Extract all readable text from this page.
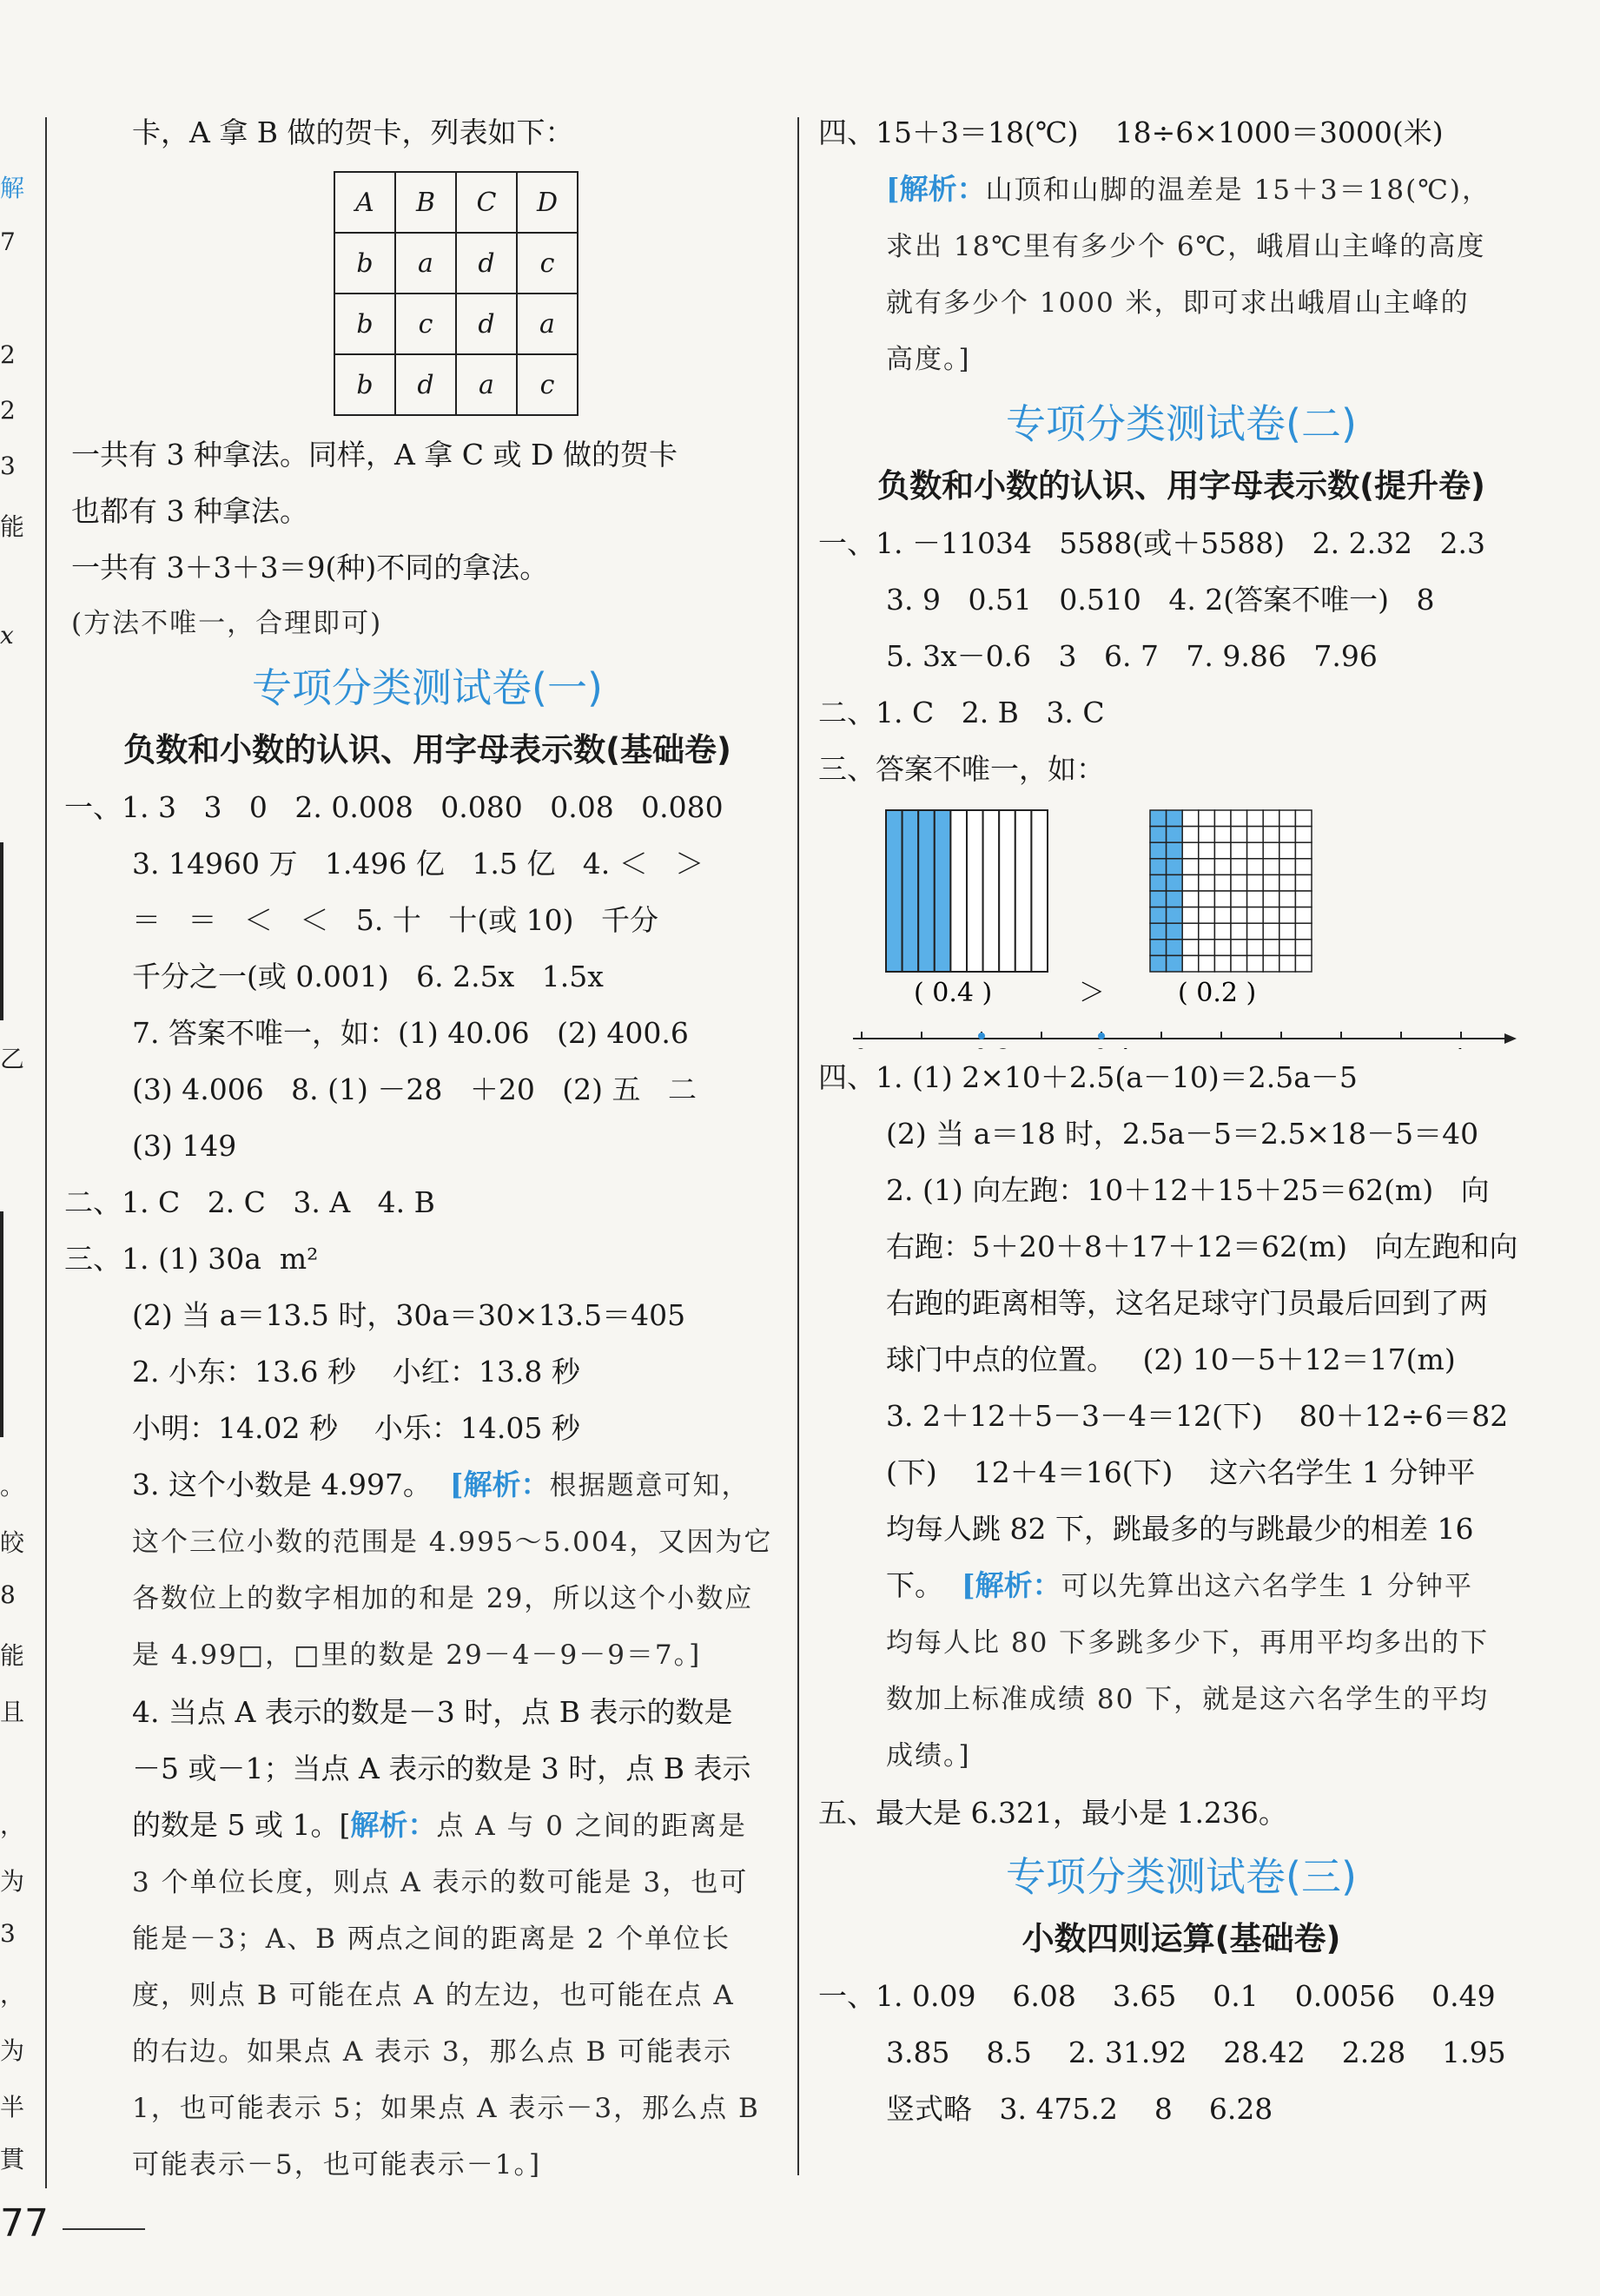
解
7
2
2
3
能
x
乙
。
皎
8
能
且
，
为
3
，
为
半
貫
卡，A 拿 B 做的贺卡，列表如下：
A	B	C	D
b	a	d	c
b	c	d	a
b	d	a	c
一共有 3 种拿法。同样，A 拿 C 或 D 做的贺卡
也都有 3 种拿法。
一共有 3＋3＋3＝9(种)不同的拿法。
(方法不唯一，合理即可)
专项分类测试卷(一)
负数和小数的认识、用字母表示数(基础卷)
一、1. 3   3   0   2. 0.008   0.080   0.08   0.080
3. 14960 万   1.496 亿   1.5 亿   4. ＜   ＞
＝   ＝   ＜   ＜   5. 十   十(或 10)   千分
千分之一(或 0.001)   6. 2.5x   1.5x
7. 答案不唯一，如：(1) 40.06   (2) 400.6
(3) 4.006   8. (1) －28   ＋20   (2) 五   二
(3) 149
二、1. C   2. C   3. A   4. B
三、1. (1) 30a  m²
(2) 当 a＝13.5 时，30a＝30×13.5＝405
2. 小东：13.6 秒    小红：13.8 秒
小明：14.02 秒    小乐：14.05 秒
3. 这个小数是 4.997。  [解析：根据题意可知，
这个三位小数的范围是 4.995～5.004，又因为它
各数位上的数字相加的和是 29，所以这个小数应
是 4.99□，□里的数是 29－4－9－9＝7。]
4. 当点 A 表示的数是－3 时，点 B 表示的数是
－5 或－1；当点 A 表示的数是 3 时，点 B 表示
的数是 5 或 1。[解析：点 A 与 0 之间的距离是
3 个单位长度，则点 A 表示的数可能是 3，也可
能是－3；A、B 两点之间的距离是 2 个单位长
度，则点 B 可能在点 A 的左边，也可能在点 A
的右边。如果点 A 表示 3，那么点 B 可能表示
1，也可能表示 5；如果点 A 表示－3，那么点 B
可能表示－5，也可能表示－1。]
四、15＋3＝18(℃)    18÷6×1000＝3000(米)
[解析：山顶和山脚的温差是 15＋3＝18(℃)，
求出 18℃里有多少个 6℃，峨眉山主峰的高度
就有多少个 1000 米，即可求出峨眉山主峰的
高度。]
专项分类测试卷(二)
负数和小数的认识、用字母表示数(提升卷)
一、1. －11034   5588(或＋5588)   2. 2.32   2.3
3. 9   0.51   0.510   4. 2(答案不唯一)   8
5. 3x－0.6   3   6. 7   7. 9.86   7.96
二、1. C   2. B   3. C
三、答案不唯一，如：
( 0.4 )	＞	( 0.2 )
四、1. (1) 2×10＋2.5(a－10)＝2.5a－5
(2) 当 a＝18 时，2.5a－5＝2.5×18－5＝40
2. (1) 向左跑：10＋12＋15＋25＝62(m)   向
右跑：5＋20＋8＋17＋12＝62(m)   向左跑和向
右跑的距离相等，这名足球守门员最后回到了两
球门中点的位置。   (2) 10－5＋12＝17(m)
3. 2＋12＋5－3－4＝12(下)    80＋12÷6＝82
(下)    12＋4＝16(下)    这六名学生 1 分钟平
均每人跳 82 下，跳最多的与跳最少的相差 16
下。  [解析：可以先算出这六名学生 1 分钟平
均每人比 80 下多跳多少下，再用平均多出的下
数加上标准成绩 80 下，就是这六名学生的平均
成绩。]
五、最大是 6.321，最小是 1.236。
专项分类测试卷(三)
小数四则运算(基础卷)
一、1. 0.09    6.08    3.65    0.1    0.0056    0.49
3.85    8.5    2. 31.92    28.42    2.28    1.95
竖式略   3. 475.2    8    6.28
77
